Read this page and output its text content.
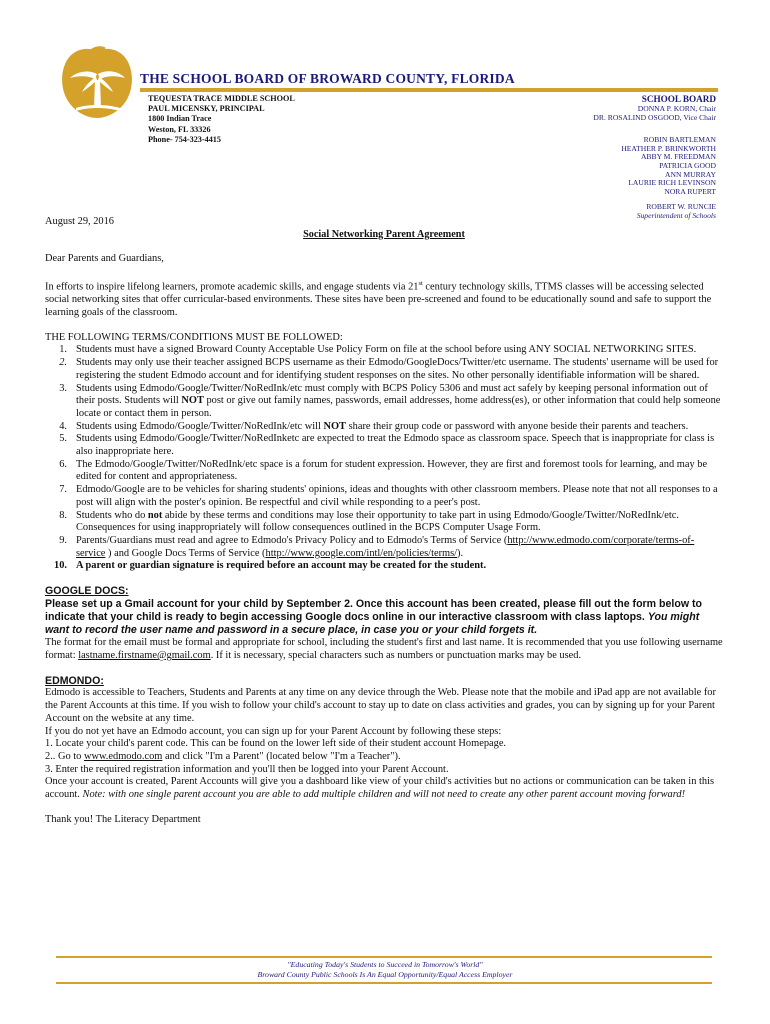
THE SCHOOL BOARD OF BROWARD COUNTY, FLORIDA
TEQUESTA TRACE MIDDLE SCHOOL
PAUL MICENSKY, PRINCIPAL
1800 Indian Trace
Weston, FL 33326
Phone- 754-323-4415
SCHOOL BOARD
DONNA P. KORN, Chair
DR. ROSALIND OSGOOD, Vice Chair
ROBIN BARTLEMAN
HEATHER P. BRINKWORTH
ABBY M. FREEDMAN
PATRICIA GOOD
ANN MURRAY
LAURIE RICH LEVINSON
NORA RUPERT
ROBERT W. RUNCIE
Superintendent of Schools

August 29, 2016

Social Networking Parent Agreement

Dear Parents and Guardians,

In efforts to inspire lifelong learners, promote academic skills, and engage students via 21st century technology skills, TTMS classes will be accessing selected social networking sites that offer curricular-based environments. These sites have been pre-screened and found to be educationally sound and safe to support the learning goals of the classroom.

THE FOLLOWING TERMS/CONDITIONS MUST BE FOLLOWED:

1. Students must have a signed Broward County Acceptable Use Policy Form on file at the school before using ANY SOCIAL NETWORKING SITES.
2. Students may only use their teacher assigned BCPS username as their Edmodo/GoogleDocs/Twitter/etc username. The students' username will be used for registering the student Edmodo account and for identifying student responses on the sites. No other personally identifiable information will be shared.
3. Students using Edmodo/Google/Twitter/NoRedInk/etc must comply with BCPS Policy 5306 and must act safely by keeping personal information out of their posts. Students will NOT post or give out family names, passwords, email addresses, home address(es), or other information that could help someone locate or contact them in person.
4. Students using Edmodo/Google/Twitter/NoRedInk/etc will NOT share their group code or password with anyone beside their parents and teachers.
5. Students using Edmodo/Google/Twitter/NoRedInketc are expected to treat the Edmodo space as classroom space. Speech that is inappropriate for class is also inappropriate here.
6. The Edmodo/Google/Twitter/NoRedInk/etc space is a forum for student expression. However, they are first and foremost tools for learning, and may be edited for content and appropriateness.
7. Edmodo/Google are to be vehicles for sharing students' opinions, ideas and thoughts with other classroom members. Please note that not all responses to a post will align with the poster's opinion. Be respectful and civil while responding to a peer's post.
8. Students who do not abide by these terms and conditions may lose their opportunity to take part in using Edmodo/Google/Twitter/NoRedInk/etc. Consequences for using inappropriately will follow consequences outlined in the BCPS Computer Usage Form.
9. Parents/Guardians must read and agree to Edmodo's Privacy Policy and to Edmodo's Terms of Service (http://www.edmodo.com/corporate/terms-of-service ) and Google Docs Terms of Service (http://www.google.com/intl/en/policies/terms/).
10. A parent or guardian signature is required before an account may be created for the student.

GOOGLE DOCS:

Please set up a Gmail account for your child by September 2. Once this account has been created, please fill out the form below to indicate that your child is ready to begin accessing Google docs online in our interactive classroom with class laptops. You might want to record the user name and password in a secure place, in case you or your child forgets it.

The format for the email must be formal and appropriate for school, including the student's first and last name. It is recommended that you use following username format: lastname.firstname@gmail.com. If it is necessary, special characters such as numbers or punctuation marks may be used.

EDMONDO:

Edmodo is accessible to Teachers, Students and Parents at any time on any device through the Web. Please note that the mobile and iPad app are not available for the Parent Accounts at this time. If you wish to follow your child's account to stay up to date on class activities and grades, you can by signing up for your Parent Account on the website at any time.

If you do not yet have an Edmodo account, you can sign up for your Parent Account by following these steps:

1. Locate your child's parent code. This can be found on the lower left side of their student account Homepage.

2.. Go to www.edmodo.com and click "I'm a Parent" (located below "I'm a Teacher").

3. Enter the required registration information and you'll then be logged into your Parent Account.

Once your account is created, Parent Accounts will give you a dashboard like view of your child's activities but no actions or communication can be taken in this account. Note: with one single parent account you are able to add multiple children and will not need to create any other parent account moving forward!

Thank you! The Literacy Department

"Educating Today's Students to Succeed in Tomorrow's World"
Broward County Public Schools Is An Equal Opportunity/Equal Access Employer
